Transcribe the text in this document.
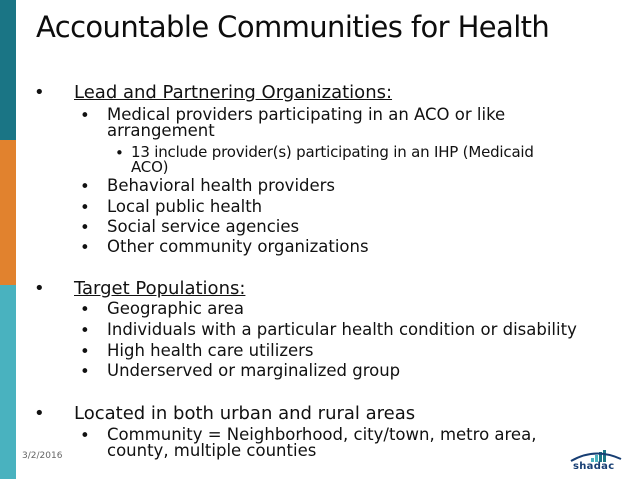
Accountable Communities for Health
• Lead and Partnering Organizations:
• Medical providers participating in an ACO or like
arrangement
• 13 include provider(s) participating in an IHP (Medicaid
ACO)
• Behavioral health providers
• Local public health
• Social service agencies
• Other community organizations
• Target Populations:
• Geographic area
• Individuals with a particular health condition or disability
• High health care utilizers
• Underserved or marginalized group
• Located in both urban and rural areas
• Community = Neighborhood, city/town, metro area,
county, multiple counties
3/2/2016
shadac
